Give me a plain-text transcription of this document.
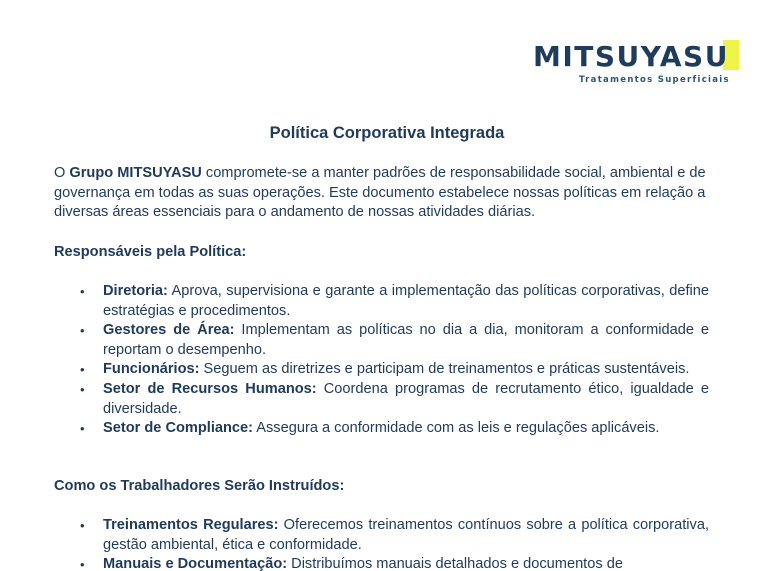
MITSUYASU
Tratamentos Superficiais
Política Corporativa Integrada
O Grupo MITSUYASU compromete-se a manter padrões de responsabilidade social, ambiental e de governança em todas as suas operações. Este documento estabelece nossas políticas em relação a diversas áreas essenciais para o andamento de nossas atividades diárias.
Responsáveis pela Política:
• Diretoria: Aprova, supervisiona e garante a implementação das políticas corporativas, define estratégias e procedimentos.
• Gestores de Área: Implementam as políticas no dia a dia, monitoram a conformidade e reportam o desempenho.
• Funcionários: Seguem as diretrizes e participam de treinamentos e práticas sustentáveis.
• Setor de Recursos Humanos: Coordena programas de recrutamento ético, igualdade e diversidade.
• Setor de Compliance: Assegura a conformidade com as leis e regulações aplicáveis.
Como os Trabalhadores Serão Instruídos:
• Treinamentos Regulares: Oferecemos treinamentos contínuos sobre a política corporativa, gestão ambiental, ética e conformidade.
• Manuais e Documentação: Distribuímos manuais detalhados e documentos de
